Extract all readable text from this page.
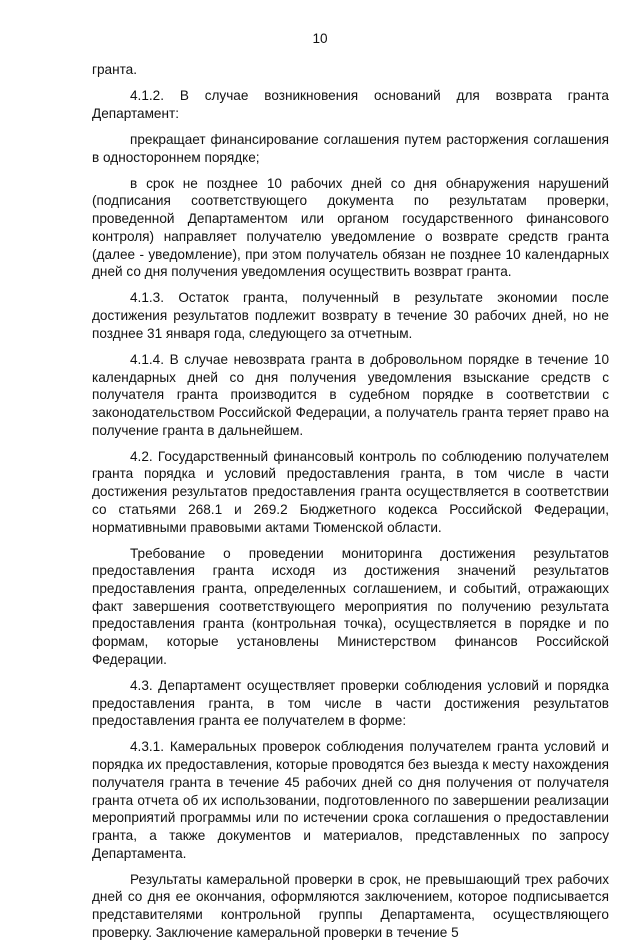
10

гранта.

4.1.2. В случае возникновения оснований для возврата гранта Департамент:

прекращает финансирование соглашения путем расторжения соглашения в одностороннем порядке;

в срок не позднее 10 рабочих дней со дня обнаружения нарушений (подписания соответствующего документа по результатам проверки, проведенной Департаментом или органом государственного финансового контроля) направляет получателю уведомление о возврате средств гранта (далее - уведомление), при этом получатель обязан не позднее 10 календарных дней со дня получения уведомления осуществить возврат гранта.

4.1.3. Остаток гранта, полученный в результате экономии после достижения результатов подлежит возврату в течение 30 рабочих дней, но не позднее 31 января года, следующего за отчетным.

4.1.4. В случае невозврата гранта в добровольном порядке в течение 10 календарных дней со дня получения уведомления взыскание средств с получателя гранта производится в судебном порядке в соответствии с законодательством Российской Федерации, а получатель гранта теряет право на получение гранта в дальнейшем.

4.2. Государственный финансовый контроль по соблюдению получателем гранта порядка и условий предоставления гранта, в том числе в части достижения результатов предоставления гранта осуществляется в соответствии со статьями 268.1 и 269.2 Бюджетного кодекса Российской Федерации, нормативными правовыми актами Тюменской области.

Требование о проведении мониторинга достижения результатов предоставления гранта исходя из достижения значений результатов предоставления гранта, определенных соглашением, и событий, отражающих факт завершения соответствующего мероприятия по получению результата предоставления гранта (контрольная точка), осуществляется в порядке и по формам, которые установлены Министерством финансов Российской Федерации.

4.3. Департамент осуществляет проверки соблюдения условий и порядка предоставления гранта, в том числе в части достижения результатов предоставления гранта ее получателем в форме:

4.3.1. Камеральных проверок соблюдения получателем гранта условий и порядка их предоставления, которые проводятся без выезда к месту нахождения получателя гранта в течение 45 рабочих дней со дня получения от получателя гранта отчета об их использовании, подготовленного по завершении реализации мероприятий программы или по истечении срока соглашения о предоставлении гранта, а также документов и материалов, представленных по запросу Департамента.

Результаты камеральной проверки в срок, не превышающий трех рабочих дней со дня ее окончания, оформляются заключением, которое подписывается представителями контрольной группы Департамента, осуществляющего проверку. Заключение камеральной проверки в течение 5
